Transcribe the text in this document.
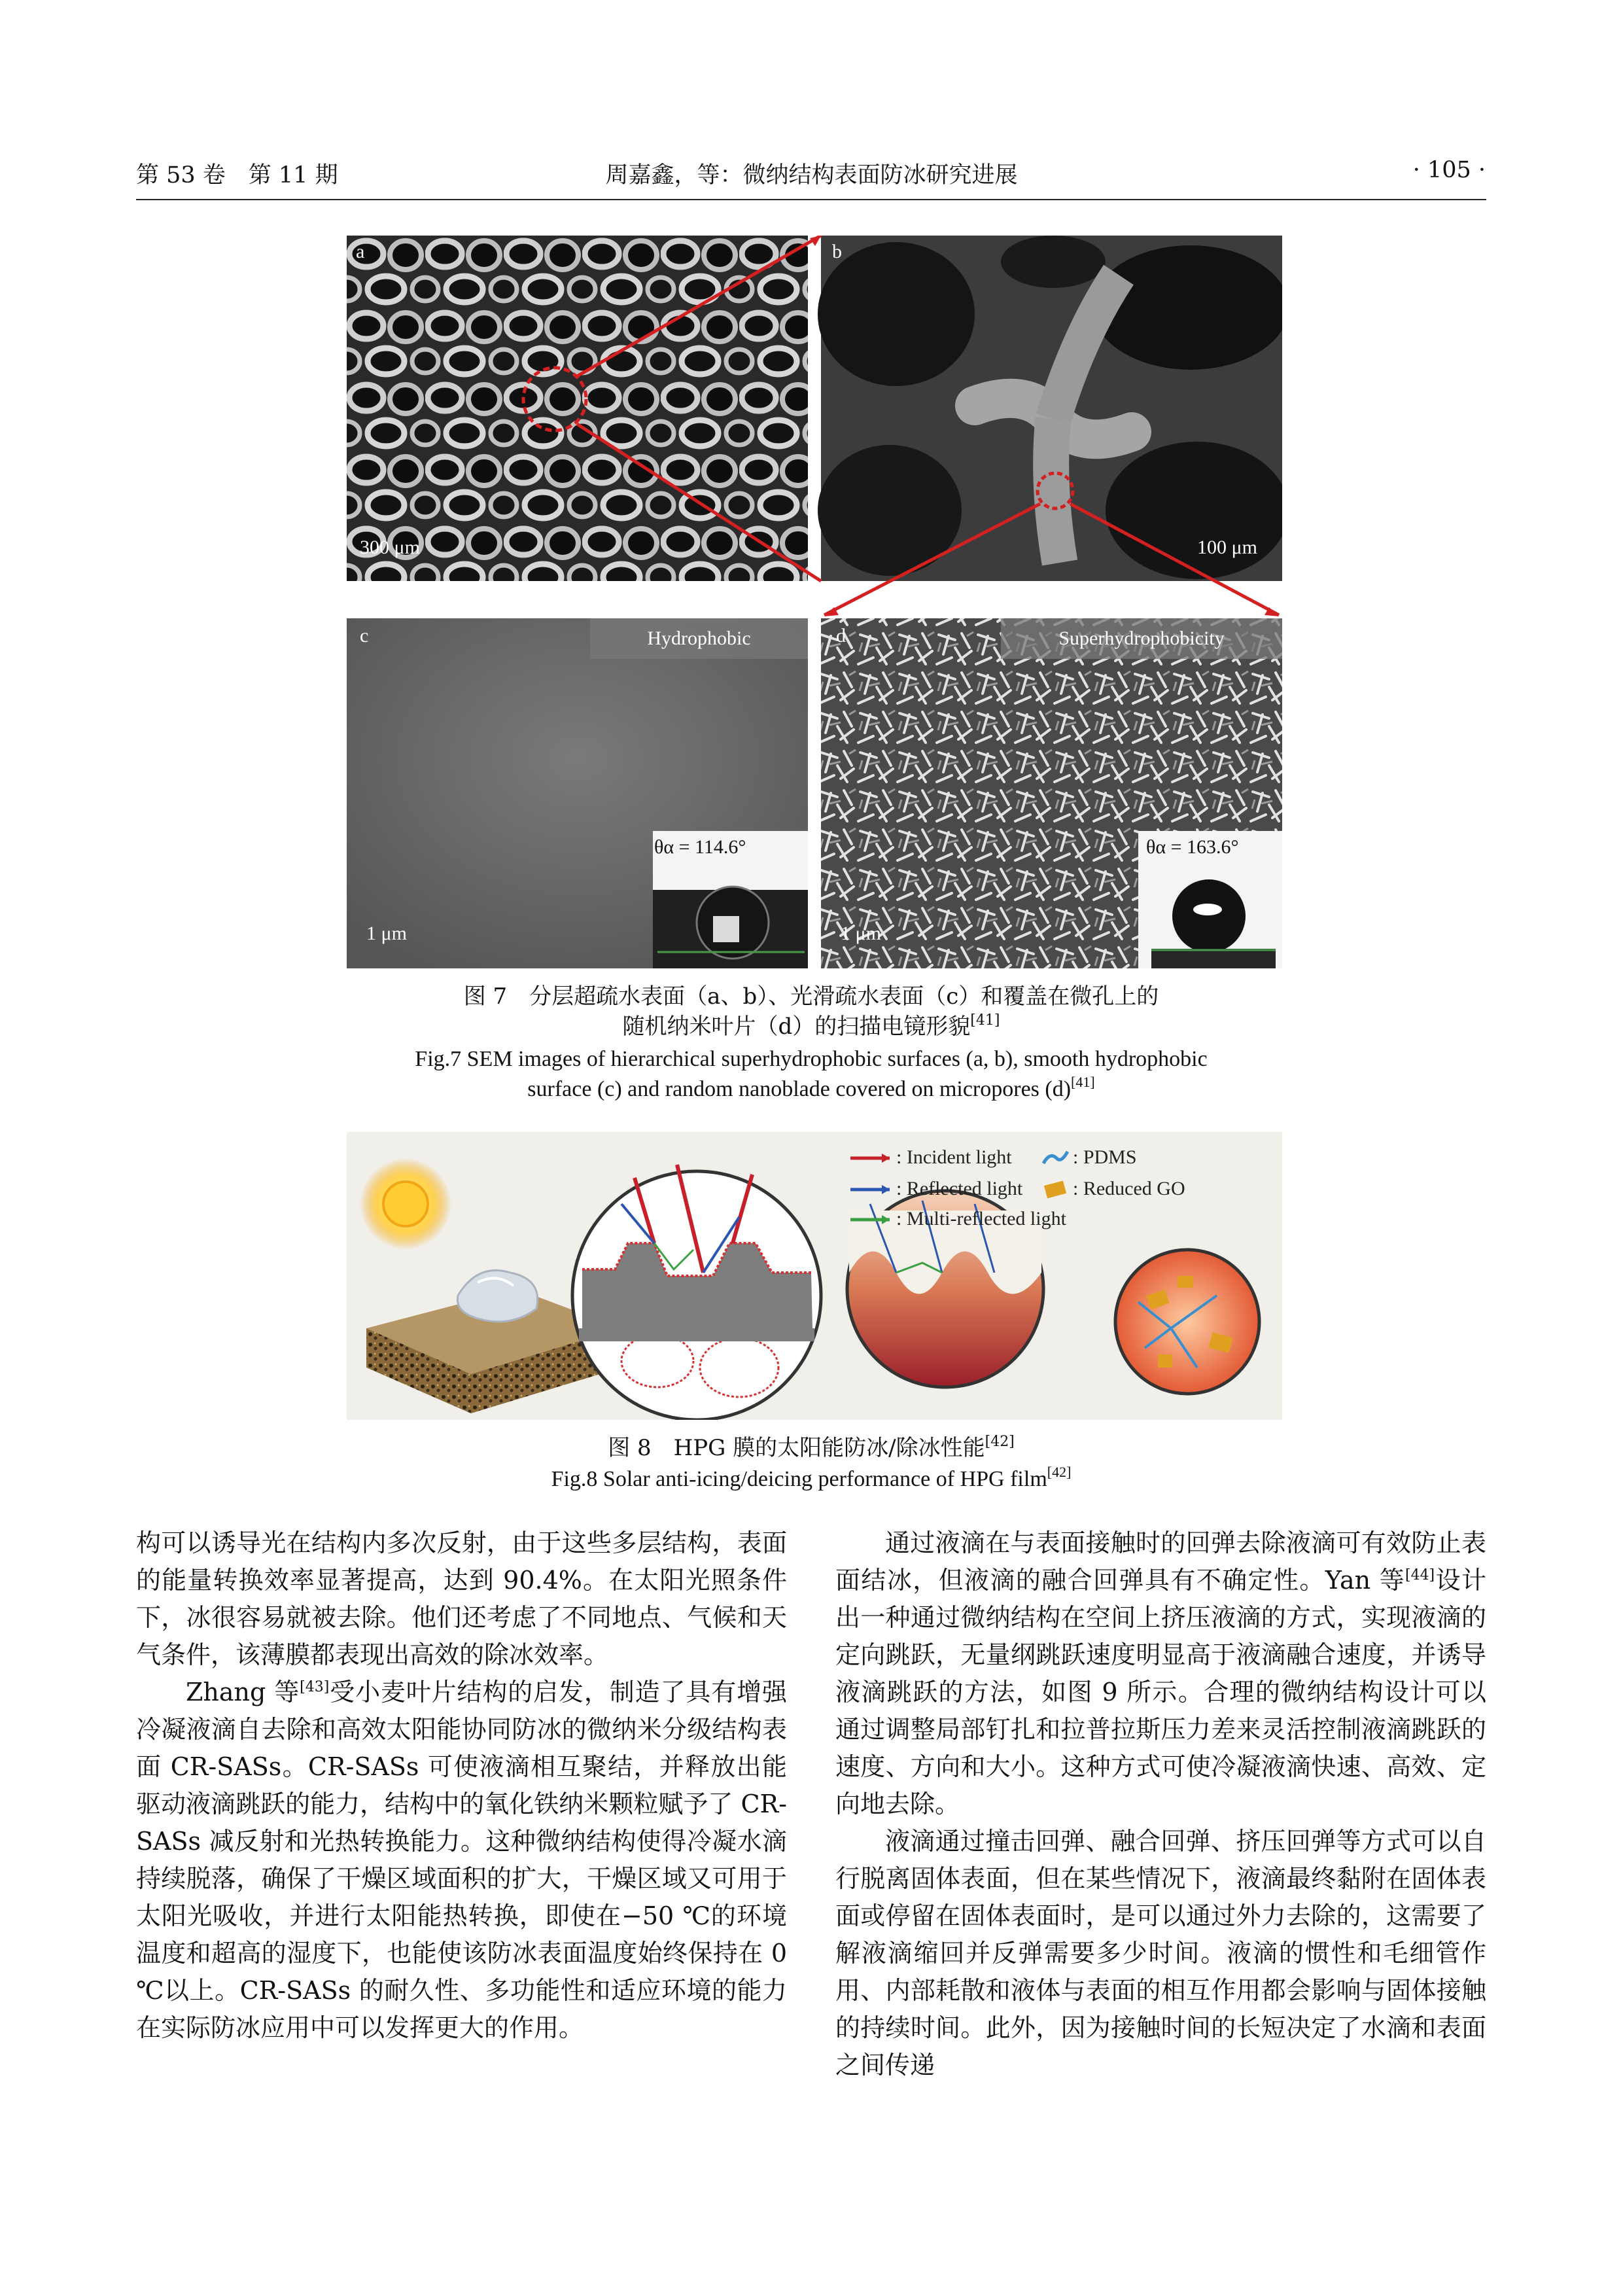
第 53 卷　第 11 期	周嘉鑫，等：微纳结构表面防冰研究进展	· 105 ·
a
300 μm
b
100 μm
c	Hydrophobic
θα = 114.6°
1 μm
d	Superhydrophobicity
θα = 163.6°
1 μm
图 7　分层超疏水表面（a、b）、光滑疏水表面（c）和覆盖在微孔上的
随机纳米叶片（d）的扫描电镜形貌[41]
Fig.7 SEM images of hierarchical superhydrophobic surfaces (a, b), smooth hydrophobic
surface (c) and random nanoblade covered on micropores (d)[41]
: Incident light
: Reflected light
: Multi-reflected light
: PDMS
: Reduced GO
图 8　HPG 膜的太阳能防冰/除冰性能[42]
Fig.8 Solar anti-icing/deicing performance of HPG film[42]

构可以诱导光在结构内多次反射，由于这些多层结构，表面的能量转换效率显著提高，达到 90.4%。在太阳光照条件下，冰很容易就被去除。他们还考虑了不同地点、气候和天气条件，该薄膜都表现出高效的除冰效率。

Zhang 等[43]受小麦叶片结构的启发，制造了具有增强冷凝液滴自去除和高效太阳能协同防冰的微纳米分级结构表面 CR-SASs。CR-SASs 可使液滴相互聚结，并释放出能驱动液滴跳跃的能力，结构中的氧化铁纳米颗粒赋予了 CR-SASs 减反射和光热转换能力。这种微纳结构使得冷凝水滴持续脱落，确保了干燥区域面积的扩大，干燥区域又可用于太阳光吸收，并进行太阳能热转换，即使在−50 ℃的环境温度和超高的湿度下，也能使该防冰表面温度始终保持在 0 ℃以上。CR-SASs 的耐久性、多功能性和适应环境的能力在实际防冰应用中可以发挥更大的作用。

通过液滴在与表面接触时的回弹去除液滴可有效防止表面结冰，但液滴的融合回弹具有不确定性。Yan 等[44]设计出一种通过微纳结构在空间上挤压液滴的方式，实现液滴的定向跳跃，无量纲跳跃速度明显高于液滴融合速度，并诱导液滴跳跃的方法，如图 9 所示。合理的微纳结构设计可以通过调整局部钉扎和拉普拉斯压力差来灵活控制液滴跳跃的速度、方向和大小。这种方式可使冷凝液滴快速、高效、定向地去除。

液滴通过撞击回弹、融合回弹、挤压回弹等方式可以自行脱离固体表面，但在某些情况下，液滴最终黏附在固体表面或停留在固体表面时，是可以通过外力去除的，这需要了解液滴缩回并反弹需要多少时间。液滴的惯性和毛细管作用、内部耗散和液体与表面的相互作用都会影响与固体接触的持续时间。此外，因为接触时间的长短决定了水滴和表面之间传递
